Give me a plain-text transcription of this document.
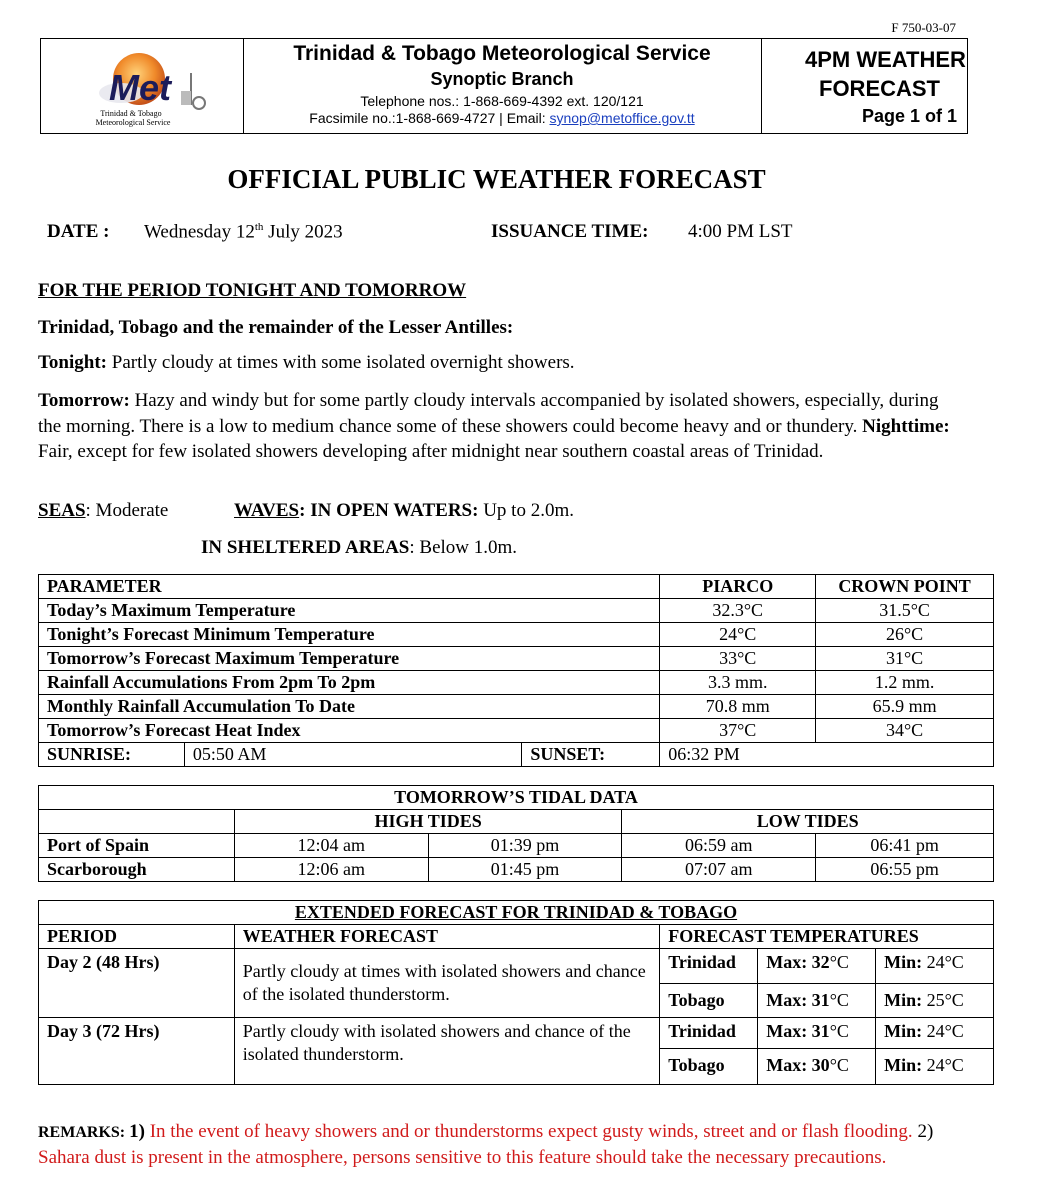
F 750-03-07
Met
Trinidad & Tobago
Meteorological Service
Trinidad & Tobago Meteorological Service
Synoptic Branch
Telephone nos.: 1-868-669-4392 ext. 120/121
Facsimile no.:1-868-669-4727 | Email: synop@metoffice.gov.tt
4PM WEATHER
FORECAST
Page 1 of 1
OFFICIAL PUBLIC WEATHER FORECAST
DATE : Wednesday 12th July 2023	ISSUANCE TIME: 4:00 PM LST
FOR THE PERIOD TONIGHT AND TOMORROW
Trinidad, Tobago and the remainder of the Lesser Antilles:
Tonight: Partly cloudy at times with some isolated overnight showers.
Tomorrow: Hazy and windy but for some partly cloudy intervals accompanied by isolated showers, especially, during the morning. There is a low to medium chance some of these showers could become heavy and or thundery. Nighttime: Fair, except for few isolated showers developing after midnight near southern coastal areas of Trinidad.
SEAS: Moderate	WAVES: IN OPEN WATERS: Up to 2.0m.
IN SHELTERED AREAS: Below 1.0m.
PARAMETER			PIARCO	CROWN POINT
Today’s Maximum Temperature			32.3°C	31.5°C
Tonight’s Forecast Minimum Temperature			24°C	26°C
Tomorrow’s Forecast Maximum Temperature			33°C	31°C
Rainfall Accumulations From 2pm To 2pm			3.3 mm.	1.2 mm.
Monthly Rainfall Accumulation To Date			70.8 mm	65.9 mm
Tomorrow’s Forecast Heat Index			37°C	34°C
SUNRISE:	05:50 AM	SUNSET:	06:32 PM	
TOMORROW’S TIDAL DATA				
	HIGH TIDES		LOW TIDES	
Port of Spain	12:04 am	01:39 pm	06:59 am	06:41 pm
Scarborough	12:06 am	01:45 pm	07:07 am	06:55 pm
EXTENDED FORECAST FOR TRINIDAD & TOBAGO				
PERIOD	WEATHER FORECAST	FORECAST TEMPERATURES		
Day 2 (48 Hrs)	Partly cloudy at times with isolated showers and chance of the isolated thunderstorm.	Trinidad	Max: 32°C	Min: 24°C
		Tobago	Max: 31°C	Min: 25°C
Day 3 (72 Hrs)	Partly cloudy with isolated showers and chance of the isolated thunderstorm.	Trinidad	Max: 31°C	Min: 24°C
		Tobago	Max: 30°C	Min: 24°C
REMARKS: 1) In the event of heavy showers and or thunderstorms expect gusty winds, street and or flash flooding. 2) Sahara dust is present in the atmosphere, persons sensitive to this feature should take the necessary precautions.
